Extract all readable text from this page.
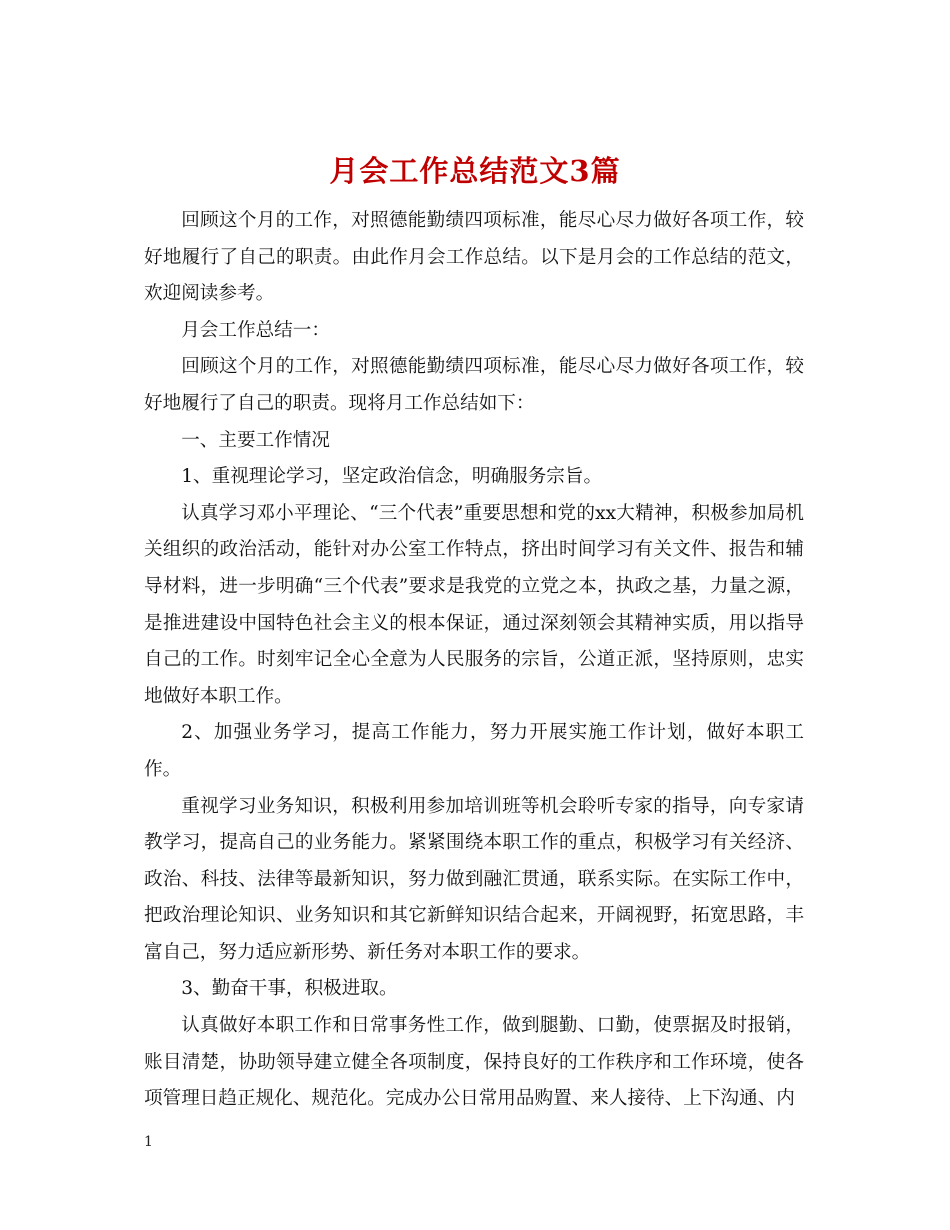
月会工作总结范文3篇

回顾这个月的工作，对照德能勤绩四项标准，能尽心尽力做好各项工作，较好地履行了自己的职责。由此作月会工作总结。以下是月会的工作总结的范文，欢迎阅读参考。

月会工作总结一：

回顾这个月的工作，对照德能勤绩四项标准，能尽心尽力做好各项工作，较好地履行了自己的职责。现将月工作总结如下：

一、主要工作情况

1、重视理论学习，坚定政治信念，明确服务宗旨。

认真学习邓小平理论、“三个代表”重要思想和党的xx大精神，积极参加局机关组织的政治活动，能针对办公室工作特点，挤出时间学习有关文件、报告和辅导材料，进一步明确“三个代表”要求是我党的立党之本，执政之基，力量之源，是推进建设中国特色社会主义的根本保证，通过深刻领会其精神实质，用以指导自己的工作。时刻牢记全心全意为人民服务的宗旨，公道正派，坚持原则，忠实地做好本职工作。

2、加强业务学习，提高工作能力，努力开展实施工作计划，做好本职工作。

重视学习业务知识，积极利用参加培训班等机会聆听专家的指导，向专家请教学习，提高自己的业务能力。紧紧围绕本职工作的重点，积极学习有关经济、政治、科技、法律等最新知识，努力做到融汇贯通，联系实际。在实际工作中，把政治理论知识、业务知识和其它新鲜知识结合起来，开阔视野，拓宽思路，丰富自己，努力适应新形势、新任务对本职工作的要求。

3、勤奋干事，积极进取。

认真做好本职工作和日常事务性工作，做到腿勤、口勤，使票据及时报销，账目清楚，协助领导建立健全各项制度，保持良好的工作秩序和工作环境，使各项管理日趋正规化、规范化。完成办公日常用品购置、来人接待、上下沟通、内

1
